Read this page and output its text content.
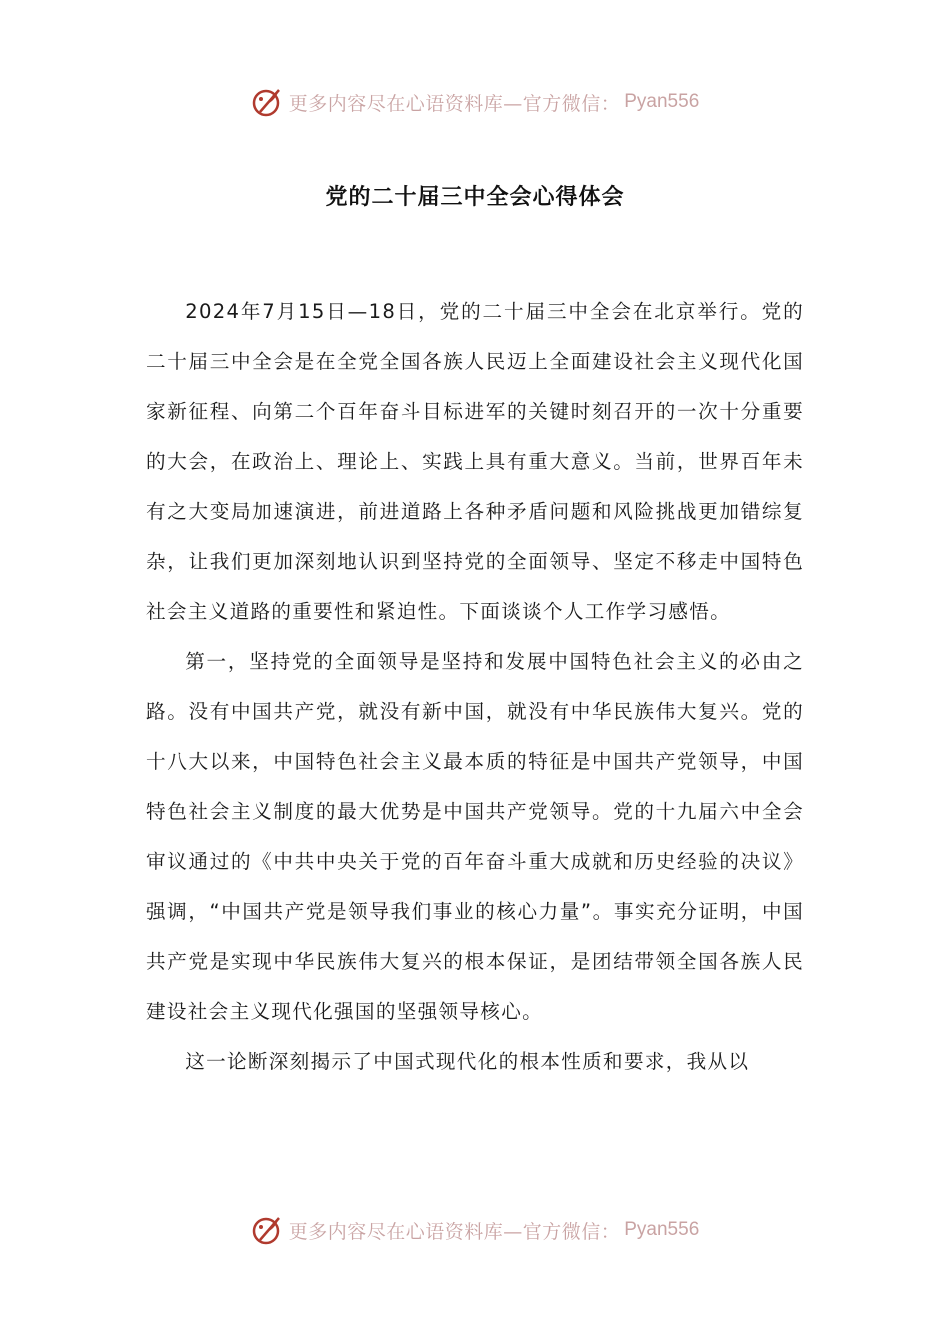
更多内容尽在心语资料库—官方微信： Pyan556
党的二十届三中全会心得体会

2024年7月15日—18日，党的二十届三中全会在北京举行。党的二十届三中全会是在全党全国各族人民迈上全面建设社会主义现代化国家新征程、向第二个百年奋斗目标进军的关键时刻召开的一次十分重要的大会，在政治上、理论上、实践上具有重大意义。当前，世界百年未有之大变局加速演进，前进道路上各种矛盾问题和风险挑战更加错综复杂，让我们更加深刻地认识到坚持党的全面领导、坚定不移走中国特色社会主义道路的重要性和紧迫性。下面谈谈个人工作学习感悟。

第一，坚持党的全面领导是坚持和发展中国特色社会主义的必由之路。没有中国共产党，就没有新中国，就没有中华民族伟大复兴。党的十八大以来，中国特色社会主义最本质的特征是中国共产党领导，中国特色社会主义制度的最大优势是中国共产党领导。党的十九届六中全会审议通过的《中共中央关于党的百年奋斗重大成就和历史经验的决议》强调，“中国共产党是领导我们事业的核心力量”。事实充分证明，中国共产党是实现中华民族伟大复兴的根本保证，是团结带领全国各族人民建设社会主义现代化强国的坚强领导核心。

这一论断深刻揭示了中国式现代化的根本性质和要求，我从以

更多内容尽在心语资料库—官方微信： Pyan556
